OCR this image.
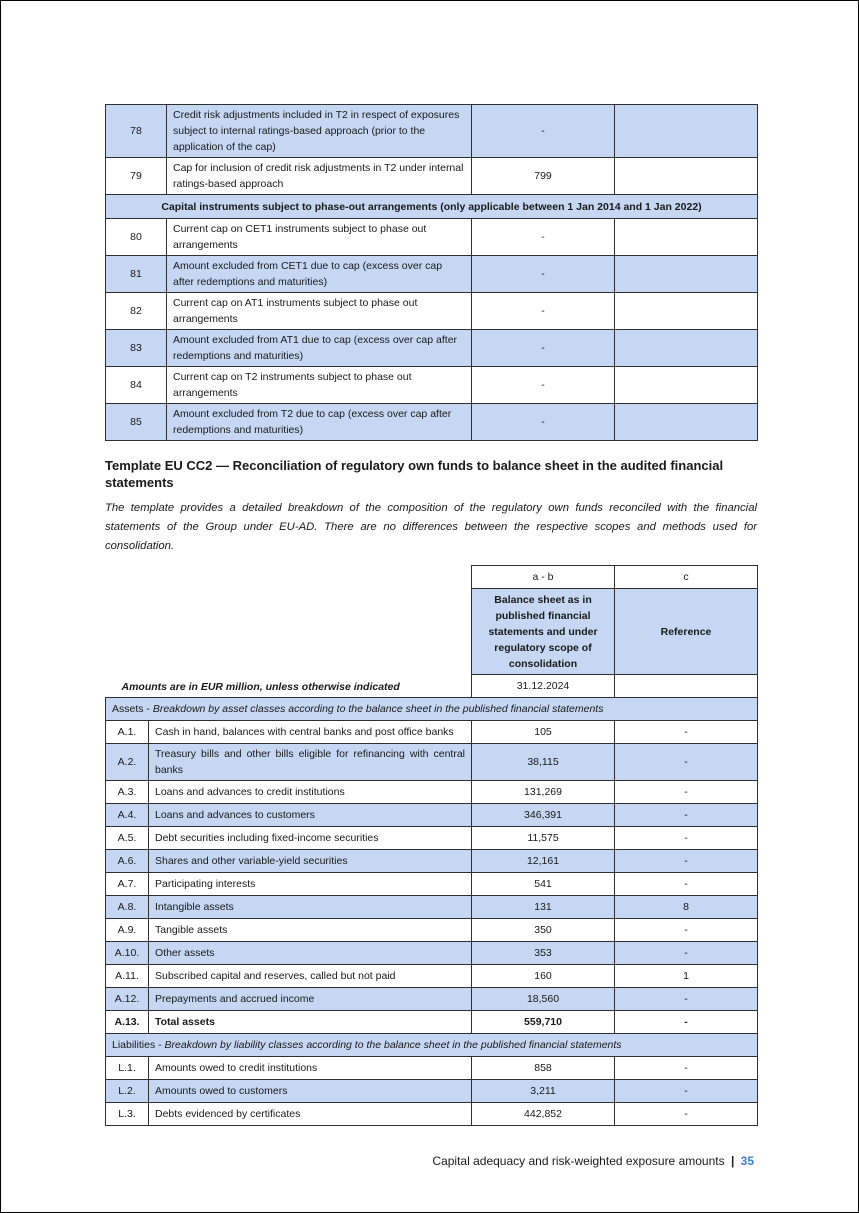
78	Credit risk adjustments included in T2 in respect of exposures subject to internal ratings-based approach (prior to the application of the cap)	-	
79	Cap for inclusion of credit risk adjustments in T2 under internal ratings-based approach	799	
Capital instruments subject to phase-out arrangements (only applicable between 1 Jan 2014 and 1 Jan 2022)			
80	Current cap on CET1 instruments subject to phase out arrangements	-	
81	Amount excluded from CET1 due to cap (excess over cap after redemptions and maturities)	-	
82	Current cap on AT1 instruments subject to phase out arrangements	-	
83	Amount excluded from AT1 due to cap (excess over cap after redemptions and maturities)	-	
84	Current cap on T2 instruments subject to phase out arrangements	-	
85	Amount excluded from T2 due to cap (excess over cap after redemptions and maturities)	-	
Template EU CC2 — Reconciliation of regulatory own funds to balance sheet in the audited financial statements
The template provides a detailed breakdown of the composition of the regulatory own funds reconciled with the financial statements of the Group under EU-AD. There are no differences between the respective scopes and methods used for consolidation.
Amounts are in EUR million, unless otherwise indicated		a - b	c
		Balance sheet as in published financial statements and under regulatory scope of consolidation	Reference
		31.12.2024	
Assets - Breakdown by asset classes according to the balance sheet in the published financial statements			
A.1.	Cash in hand, balances with central banks and post office banks	105	-
A.2.	Treasury bills and other bills eligible for refinancing with central banks	38,115	-
A.3.	Loans and advances to credit institutions	131,269	-
A.4.	Loans and advances to customers	346,391	-
A.5.	Debt securities including fixed-income securities	11,575	-
A.6.	Shares and other variable-yield securities	12,161	-
A.7.	Participating interests	541	-
A.8.	Intangible assets	131	8
A.9.	Tangible assets	350	-
A.10.	Other assets	353	-
A.11.	Subscribed capital and reserves, called but not paid	160	1
A.12.	Prepayments and accrued income	18,560	-
A.13.	Total assets	559,710	-
Liabilities - Breakdown by liability classes according to the balance sheet in the published financial statements			
L.1.	Amounts owed to credit institutions	858	-
L.2.	Amounts owed to customers	3,211	-
L.3.	Debts evidenced by certificates	442,852	-
Capital adequacy and risk-weighted exposure amounts | 35
